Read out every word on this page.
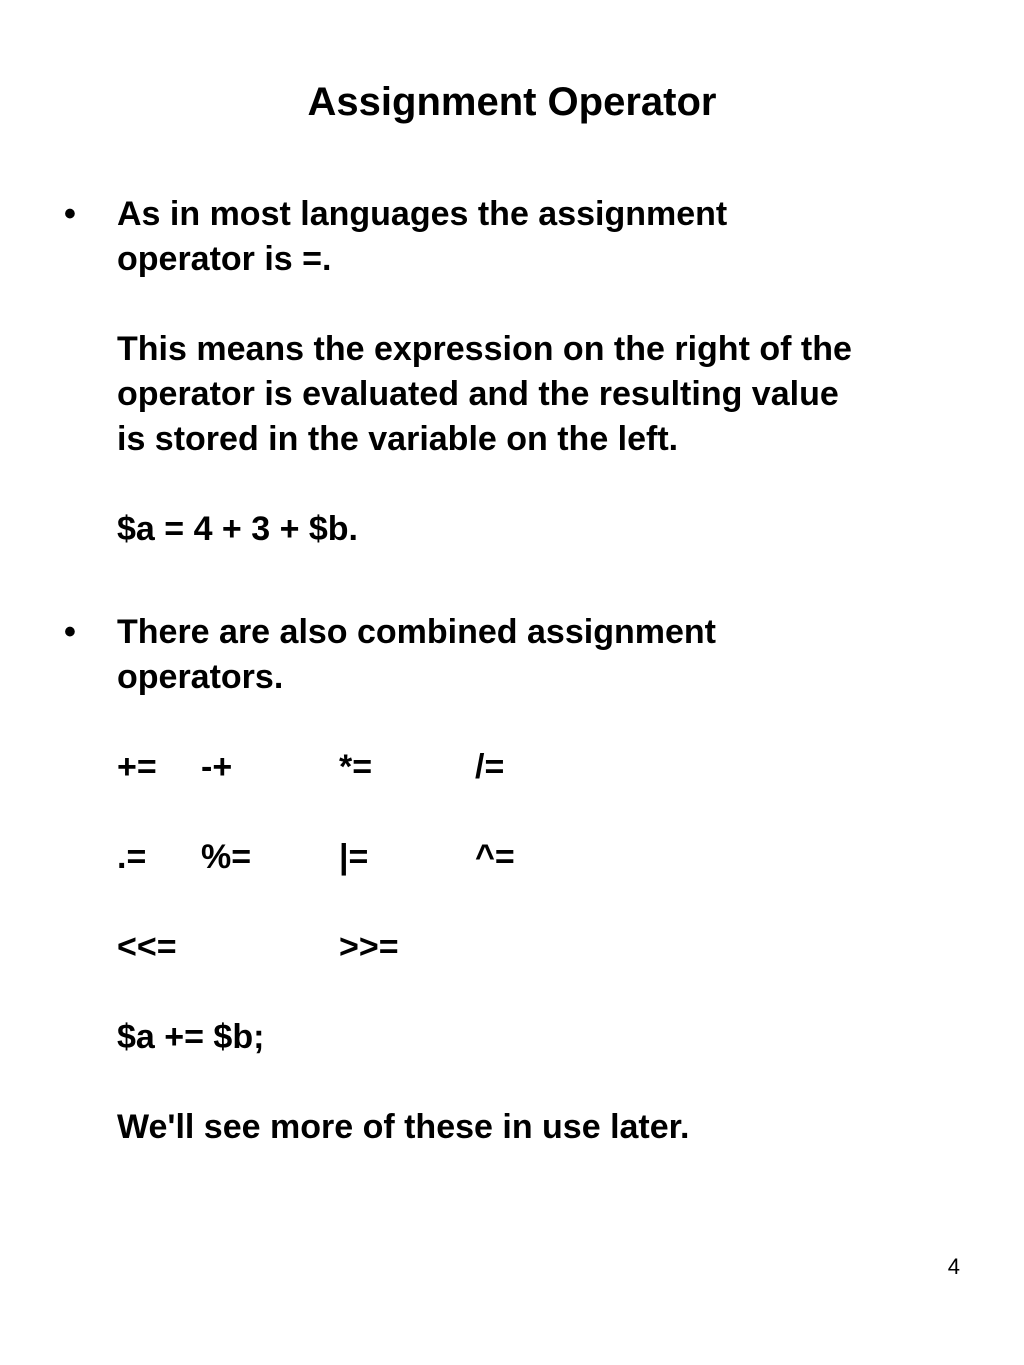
Assignment Operator
• As in most languages the assignment
operator is =.

This means the expression on the right of the
operator is evaluated and the resulting value
is stored in the variable on the left.

$a = 4 + 3 + $b.
• There are also combined assignment
operators.

+= -+	*=	/=

.= %=	|=	^=

<<=	>>=

$a += $b;

We'll see more of these in use later.
4
